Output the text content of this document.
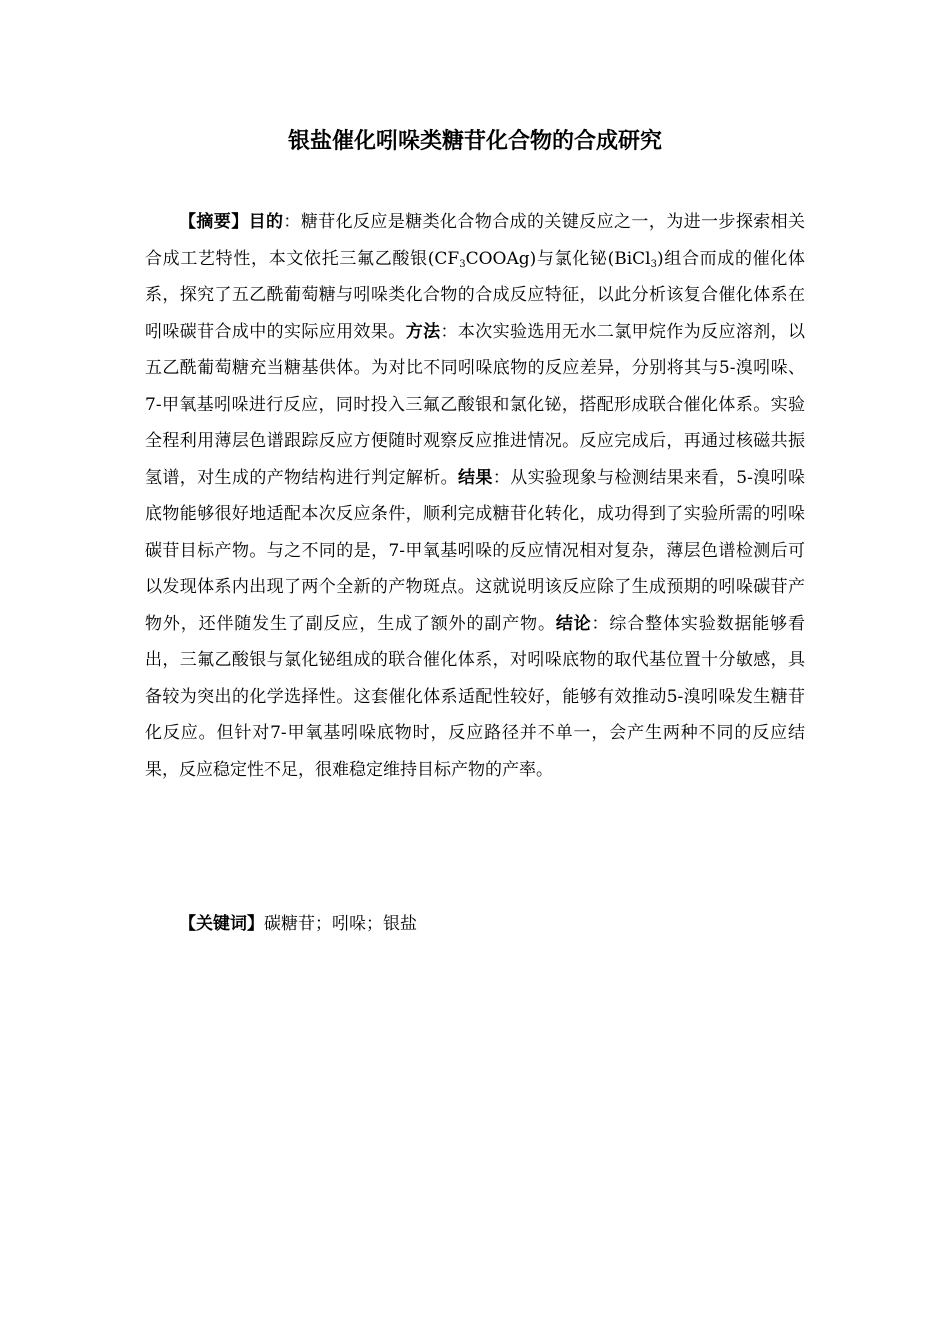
银盐催化吲哚类糖苷化合物的合成研究

【摘要】目的：糖苷化反应是糖类化合物合成的关键反应之一，为进一步探索相关合成工艺特性，本文依托三氟乙酸银$(CF_3COOAg)$与氯化铋(BiCl$_3$)组合而成的催化体系，探究了五乙酰葡萄糖与吲哚类化合物的合成反应特征，以此分析该复合催化体系在吲哚碳苷合成中的实际应用效果。方法：本次实验选用无水二氯甲烷作为反应溶剂，以五乙酰葡萄糖充当糖基供体。为对比不同吲哚底物的反应差异，分别将其与5-溴吲哚、7-甲氧基吲哚进行反应，同时投入三氟乙酸银和氯化铋，搭配形成联合催化体系。实验全程利用薄层色谱跟踪反应方便随时观察反应推进情况。反应完成后，再通过核磁共振氢谱，对生成的产物结构进行判定解析。结果：从实验现象与检测结果来看，5-溴吲哚底物能够很好地适配本次反应条件，顺利完成糖苷化转化，成功得到了实验所需的吲哚碳苷目标产物。与之不同的是，7-甲氧基吲哚的反应情况相对复杂，薄层色谱检测后可以发现体系内出现了两个全新的产物斑点。这就说明该反应除了生成预期的吲哚碳苷产物外，还伴随发生了副反应，生成了额外的副产物。结论：综合整体实验数据能够看出，三氟乙酸银与氯化铋组成的联合催化体系，对吲哚底物的取代基位置十分敏感，具备较为突出的化学选择性。这套催化体系适配性较好，能够有效推动5-溴吲哚发生糖苷化反应。但针对7-甲氧基吲哚底物时，反应路径并不单一，会产生两种不同的反应结果，反应稳定性不足，很难稳定维持目标产物的产率。

【关键词】碳糖苷；吲哚；银盐
